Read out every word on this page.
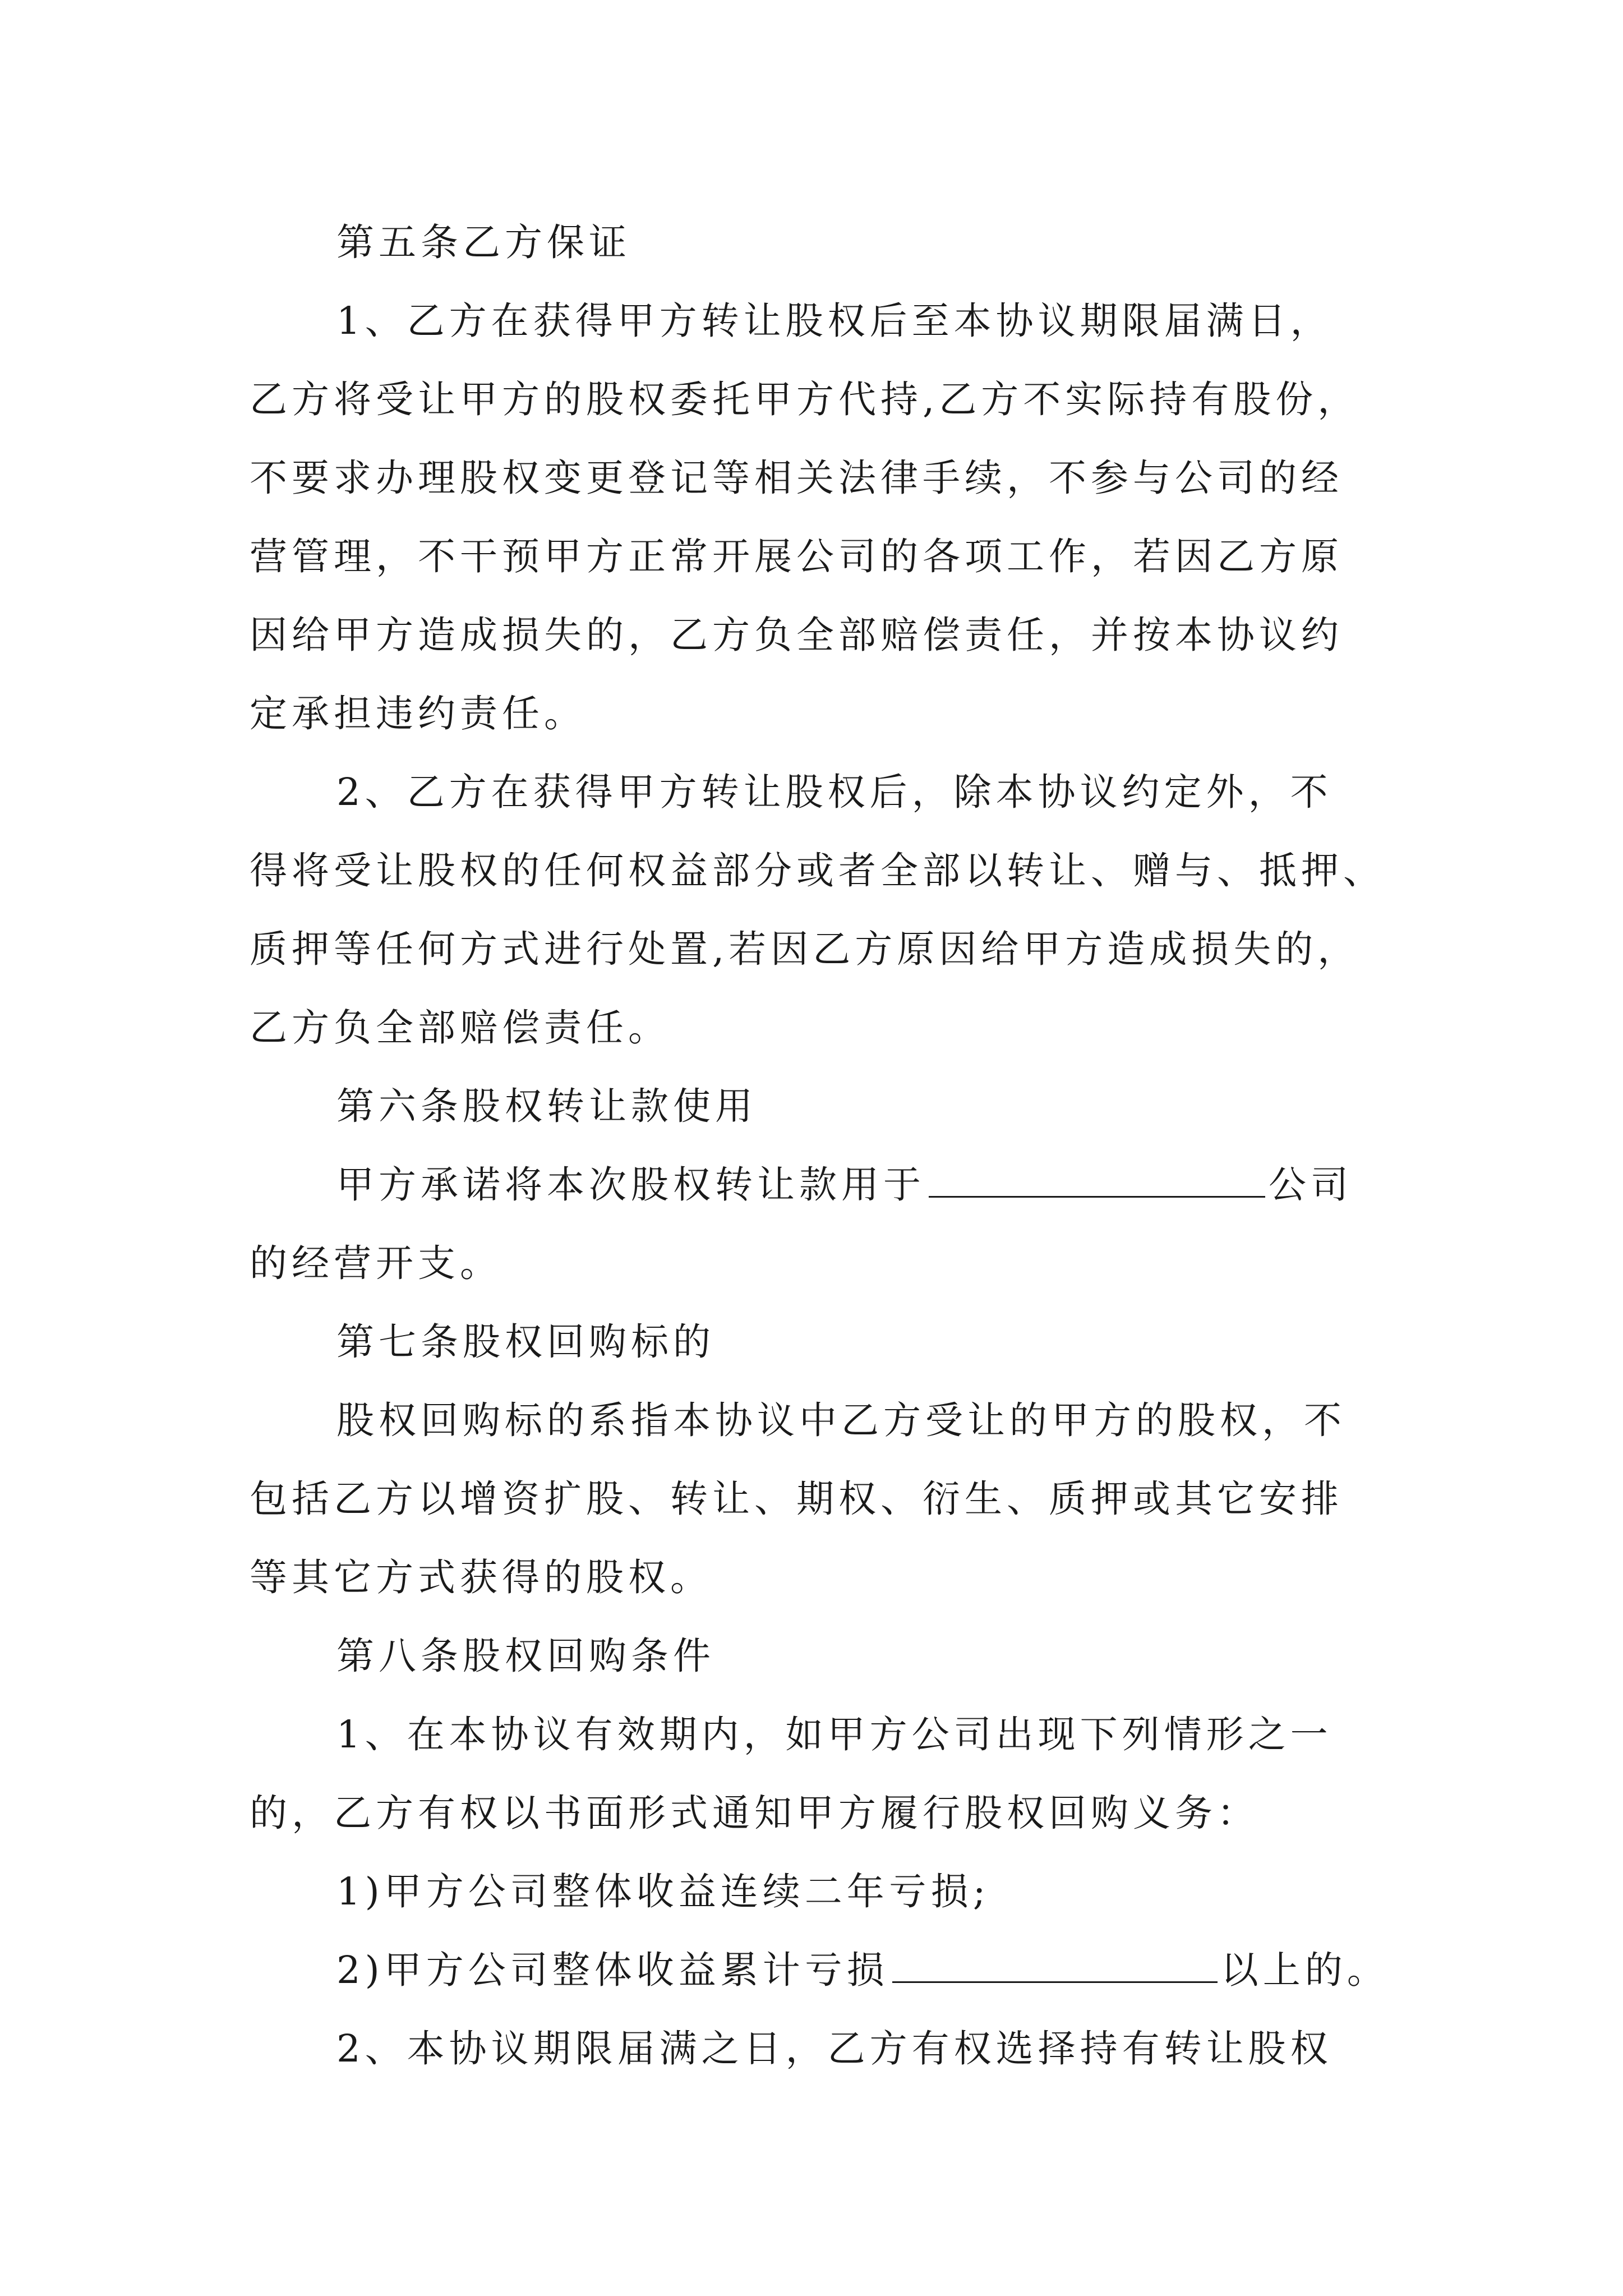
第五条乙方保证
1、乙方在获得甲方转让股权后至本协议期限届满日，
乙方将受让甲方的股权委托甲方代持,乙方不实际持有股份，
不要求办理股权变更登记等相关法律手续，不参与公司的经
营管理，不干预甲方正常开展公司的各项工作，若因乙方原
因给甲方造成损失的，乙方负全部赔偿责任，并按本协议约
定承担违约责任。
2、乙方在获得甲方转让股权后，除本协议约定外，不
得将受让股权的任何权益部分或者全部以转让、赠与、抵押、
质押等任何方式进行处置,若因乙方原因给甲方造成损失的，
乙方负全部赔偿责任。
第六条股权转让款使用
甲方承诺将本次股权转让款用于	公司
的经营开支。
第七条股权回购标的
股权回购标的系指本协议中乙方受让的甲方的股权，不
包括乙方以增资扩股、转让、期权、衍生、质押或其它安排
等其它方式获得的股权。
第八条股权回购条件
1、在本协议有效期内，如甲方公司出现下列情形之一
的，乙方有权以书面形式通知甲方履行股权回购义务：
1)甲方公司整体收益连续二年亏损;
2)甲方公司整体收益累计亏损	以上的。
2、本协议期限届满之日，乙方有权选择持有转让股权
